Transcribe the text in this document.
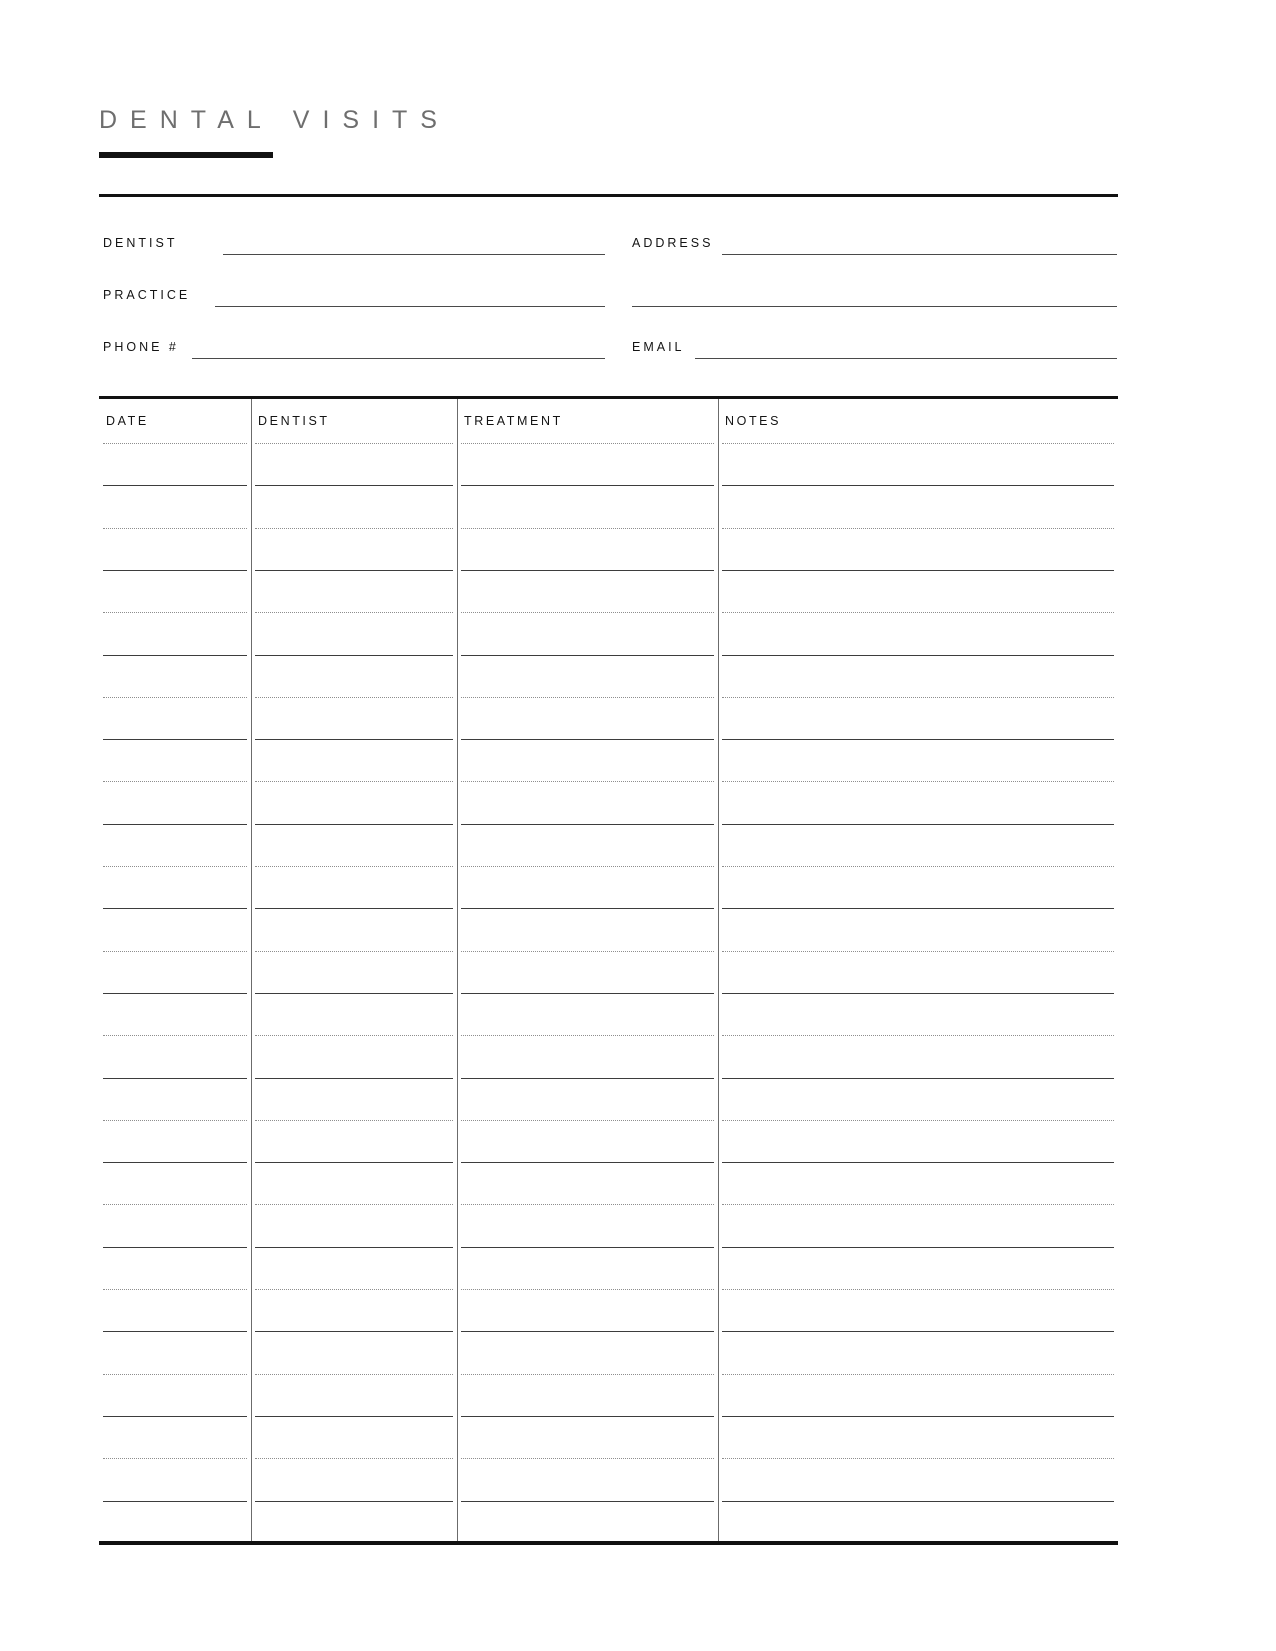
DENTAL VISITS
DENTIST
PRACTICE
PHONE #
ADDRESS
EMAIL
DATE	DENTIST	TREATMENT	NOTES
